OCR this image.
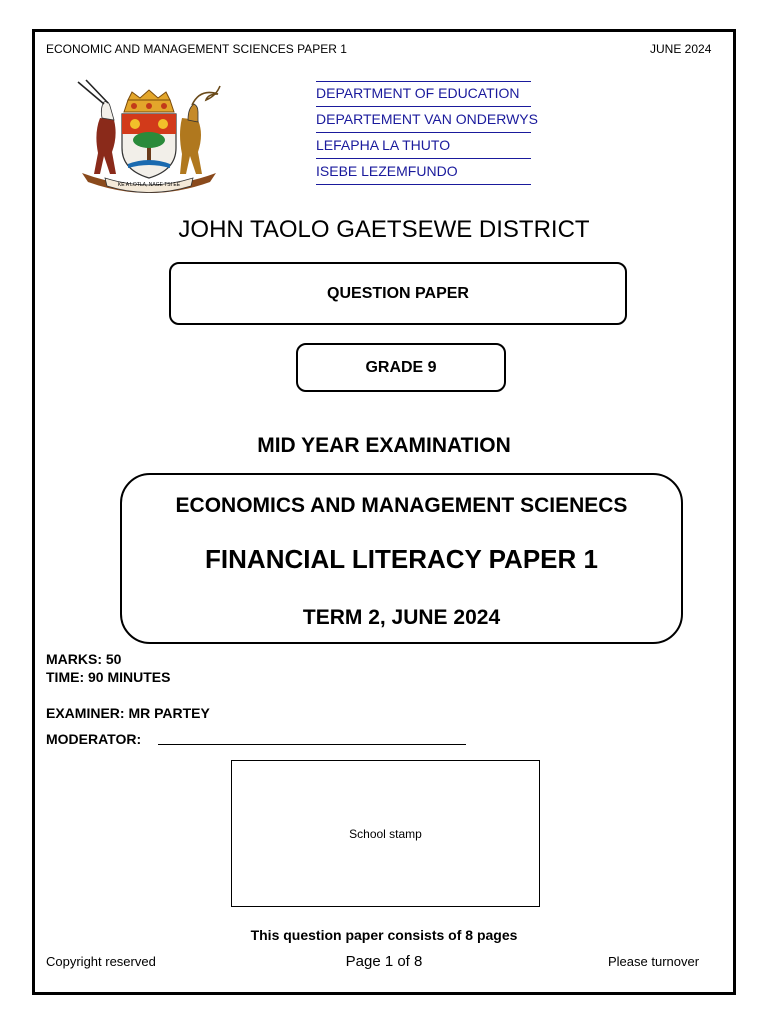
ECONOMIC AND MANAGEMENT SCIENCES PAPER 1	JUNE 2024
KE A LOTLA, NAGE TSI EE
DEPARTMENT OF EDUCATION
DEPARTEMENT VAN ONDERWYS
LEFAPHA LA THUTO
ISEBE LEZEMFUNDO
JOHN TAOLO GAETSEWE DISTRICT
QUESTION PAPER
GRADE 9
MID YEAR EXAMINATION
ECONOMICS AND MANAGEMENT SCIENECS
FINANCIAL LITERACY PAPER 1
TERM 2, JUNE 2024
MARKS: 50
TIME: 90 MINUTES
EXAMINER: MR PARTEY
MODERATOR:
School stamp
This question paper consists of 8 pages
Copyright reserved	Page 1 of 8	Please turnover
